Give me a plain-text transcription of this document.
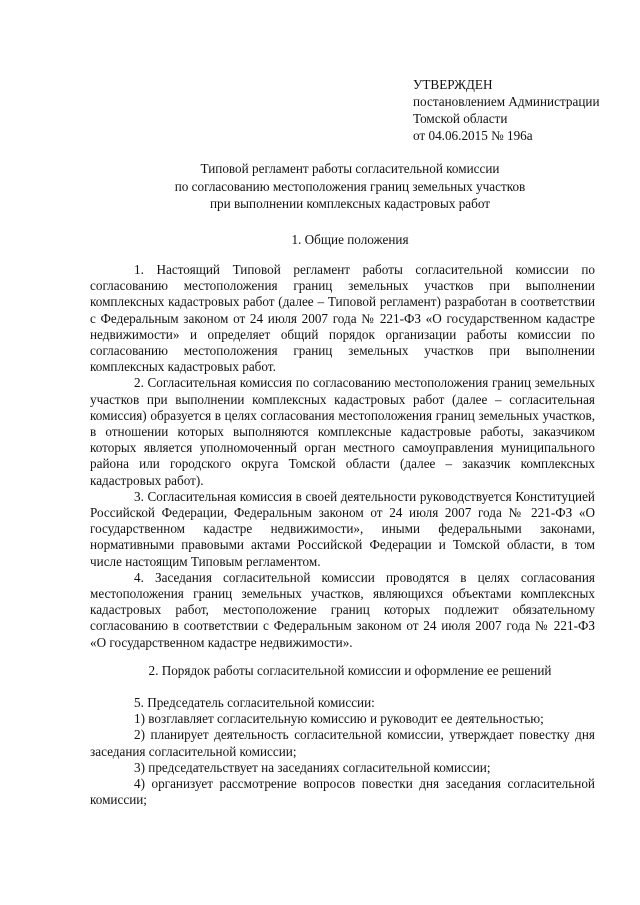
УТВЕРЖДЕН
постановлением Администрации
Томской области
от 04.06.2015 № 196а
Типовой регламент работы согласительной комиссии
по согласованию местоположения границ земельных участков
при выполнении комплексных кадастровых работ
1. Общие положения

1. Настоящий Типовой регламент работы согласительной комиссии по согласованию местоположения границ земельных участков при выполнении комплексных кадастровых работ (далее – Типовой регламент) разработан в соответствии с Федеральным законом от 24 июля 2007 года № 221-ФЗ «О государственном кадастре недвижимости» и определяет общий порядок организации работы комиссии по согласованию местоположения границ земельных участков при выполнении комплексных кадастровых работ.

2. Согласительная комиссия по согласованию местоположения границ земельных участков при выполнении комплексных кадастровых работ (далее – согласительная комиссия) образуется в целях согласования местоположения границ земельных участков, в отношении которых выполняются комплексные кадастровые работы, заказчиком которых является уполномоченный орган местного самоуправления муниципального района или городского округа Томской области (далее – заказчик комплексных кадастровых работ).

3. Согласительная комиссия в своей деятельности руководствуется Конституцией Российской Федерации, Федеральным законом от 24 июля 2007 года № 221-ФЗ «О государственном кадастре недвижимости», иными федеральными законами, нормативными правовыми актами Российской Федерации и Томской области, в том числе настоящим Типовым регламентом.

4. Заседания согласительной комиссии проводятся в целях согласования местоположения границ земельных участков, являющихся объектами комплексных кадастровых работ, местоположение границ которых подлежит обязательному согласованию в соответствии с Федеральным законом от 24 июля 2007 года № 221-ФЗ «О государственном кадастре недвижимости».

2. Порядок работы согласительной комиссии и оформление ее решений

5. Председатель согласительной комиссии:

1) возглавляет согласительную комиссию и руководит ее деятельностью;

2) планирует деятельность согласительной комиссии, утверждает повестку дня заседания согласительной комиссии;

3) председательствует на заседаниях согласительной комиссии;

4) организует рассмотрение вопросов повестки дня заседания согласительной комиссии;
